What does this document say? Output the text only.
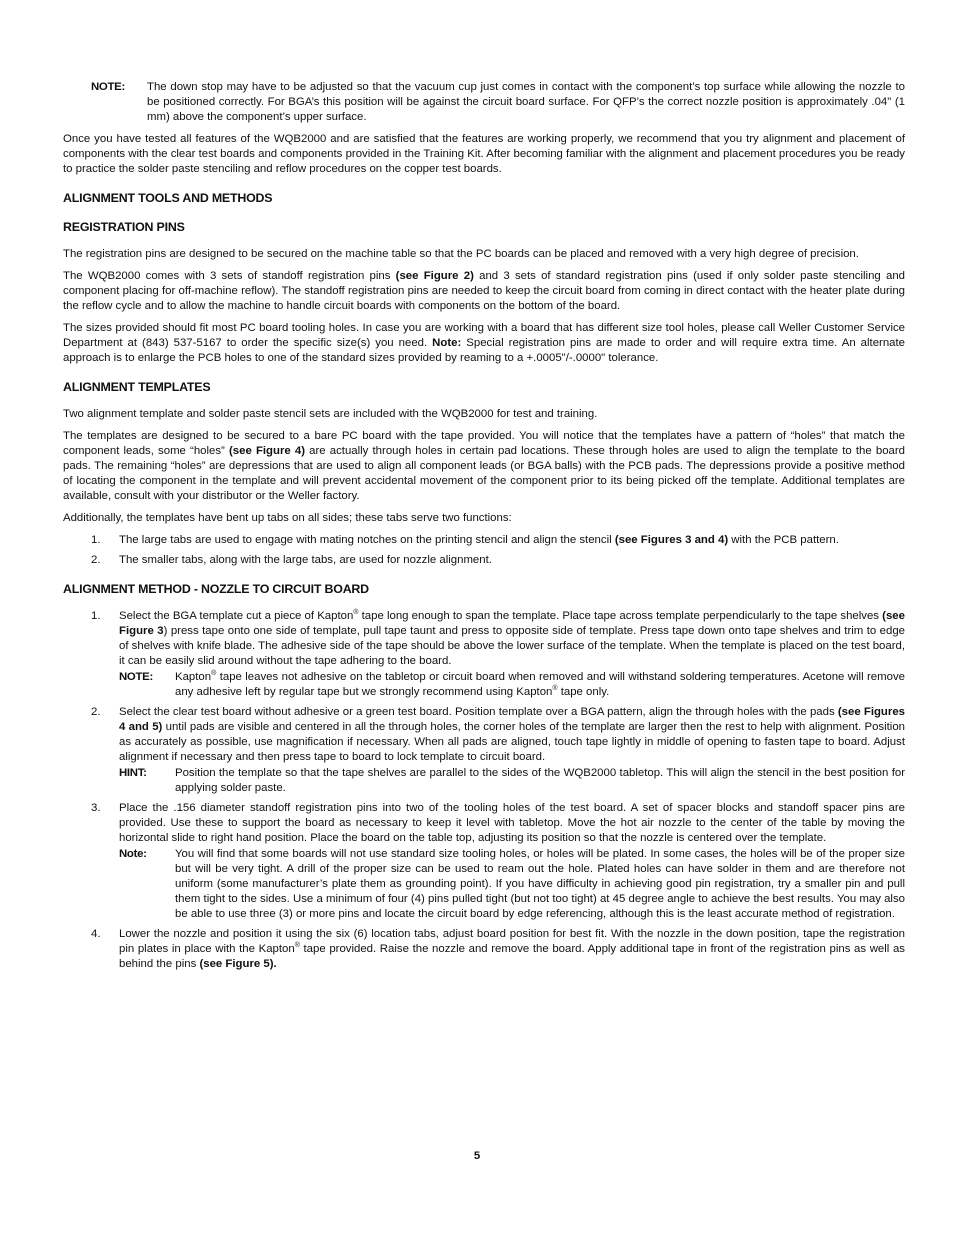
NOTE:	The down stop may have to be adjusted so that the vacuum cup just comes in contact with the component’s top surface while allowing the nozzle to be positioned correctly. For BGA’s this position will be against the circuit board surface. For QFP’s the correct nozzle position is approximately .04" (1 mm) above the component’s upper surface.

Once you have tested all features of the WQB2000 and are satisfied that the features are working properly, we recommend that you try alignment and placement of components with the clear test boards and components provided in the Training Kit. After becoming familiar with the alignment and placement procedures you be ready to practice the solder paste stenciling and reflow procedures on the copper test boards.

ALIGNMENT TOOLS AND METHODS
REGISTRATION PINS

The registration pins are designed to be secured on the machine table so that the PC boards can be placed and removed with a very high degree of precision.

The WQB2000 comes with 3 sets of standoff registration pins (see Figure 2) and 3 sets of standard registration pins (used if only solder paste stenciling and component placing for off-machine reflow). The standoff registration pins are needed to keep the circuit board from coming in direct contact with the heater plate during the reflow cycle and to allow the machine to handle circuit boards with components on the bottom of the board.

The sizes provided should fit most PC board tooling holes. In case you are working with a board that has different size tool holes, please call Weller Customer Service Department at (843) 537-5167 to order the specific size(s) you need. Note: Special registration pins are made to order and will require extra time. An alternate approach is to enlarge the PCB holes to one of the standard sizes provided by reaming to a +.0005"/-.0000" tolerance.

ALIGNMENT TEMPLATES

Two alignment template and solder paste stencil sets are included with the WQB2000 for test and training.

The templates are designed to be secured to a bare PC board with the tape provided. You will notice that the templates have a pattern of “holes” that match the component leads, some “holes” (see Figure 4) are actually through holes in certain pad locations. These through holes are used to align the template to the board pads. The remaining “holes” are depressions that are used to align all component leads (or BGA balls) with the PCB pads. The depressions provide a positive method of locating the component in the template and will prevent accidental movement of the component prior to its being picked off the template. Additional templates are available, consult with your distributor or the Weller factory.

Additionally, the templates have bent up tabs on all sides; these tabs serve two functions:

1.	The large tabs are used to engage with mating notches on the printing stencil and align the stencil (see Figures 3 and 4) with the PCB pattern.
2.	The smaller tabs, along with the large tabs, are used for nozzle alignment.
ALIGNMENT METHOD - NOZZLE TO CIRCUIT BOARD
1.	Select the BGA template cut a piece of Kapton® tape long enough to span the template. Place tape across template perpendicularly to the tape shelves (see Figure 3) press tape onto one side of template, pull tape taunt and press to opposite side of template. Press tape down onto tape shelves and trim to edge of shelves with knife blade. The adhesive side of the tape should be above the lower surface of the template. When the template is placed on the test board, it can be easily slid around without the tape adhering to the board.
NOTE:	Kapton® tape leaves not adhesive on the tabletop or circuit board when removed and will withstand soldering temperatures. Acetone will remove any adhesive left by regular tape but we strongly recommend using Kapton® tape only.
2.	Select the clear test board without adhesive or a green test board. Position template over a BGA pattern, align the through holes with the pads (see Figures 4 and 5) until pads are visible and centered in all the through holes, the corner holes of the template are larger then the rest to help with alignment. Position as accurately as possible, use magnification if necessary. When all pads are aligned, touch tape lightly in middle of opening to fasten tape to board. Adjust alignment if necessary and then press tape to board to lock template to circuit board.
HINT:	Position the template so that the tape shelves are parallel to the sides of the WQB2000 tabletop. This will align the stencil in the best position for applying solder paste.
3.	Place the .156 diameter standoff registration pins into two of the tooling holes of the test board. A set of spacer blocks and standoff spacer pins are provided. Use these to support the board as necessary to keep it level with tabletop. Move the hot air nozzle to the center of the table by moving the horizontal slide to right hand position. Place the board on the table top, adjusting its position so that the nozzle is centered over the template.
Note:	You will find that some boards will not use standard size tooling holes, or holes will be plated. In some cases, the holes will be of the proper size but will be very tight. A drill of the proper size can be used to ream out the hole. Plated holes can have solder in them and are therefore not uniform (some manufacturer’s plate them as grounding point). If you have difficulty in achieving good pin registration, try a smaller pin and pull them tight to the sides. Use a minimum of four (4) pins pulled tight (but not too tight) at 45 degree angle to achieve the best results. You may also be able to use three (3) or more pins and locate the circuit board by edge referencing, although this is the least accurate method of registration.
4.	Lower the nozzle and position it using the six (6) location tabs, adjust board position for best fit. With the nozzle in the down position, tape the registration pin plates in place with the Kapton® tape provided. Raise the nozzle and remove the board. Apply additional tape in front of the registration pins as well as behind the pins (see Figure 5).
5
